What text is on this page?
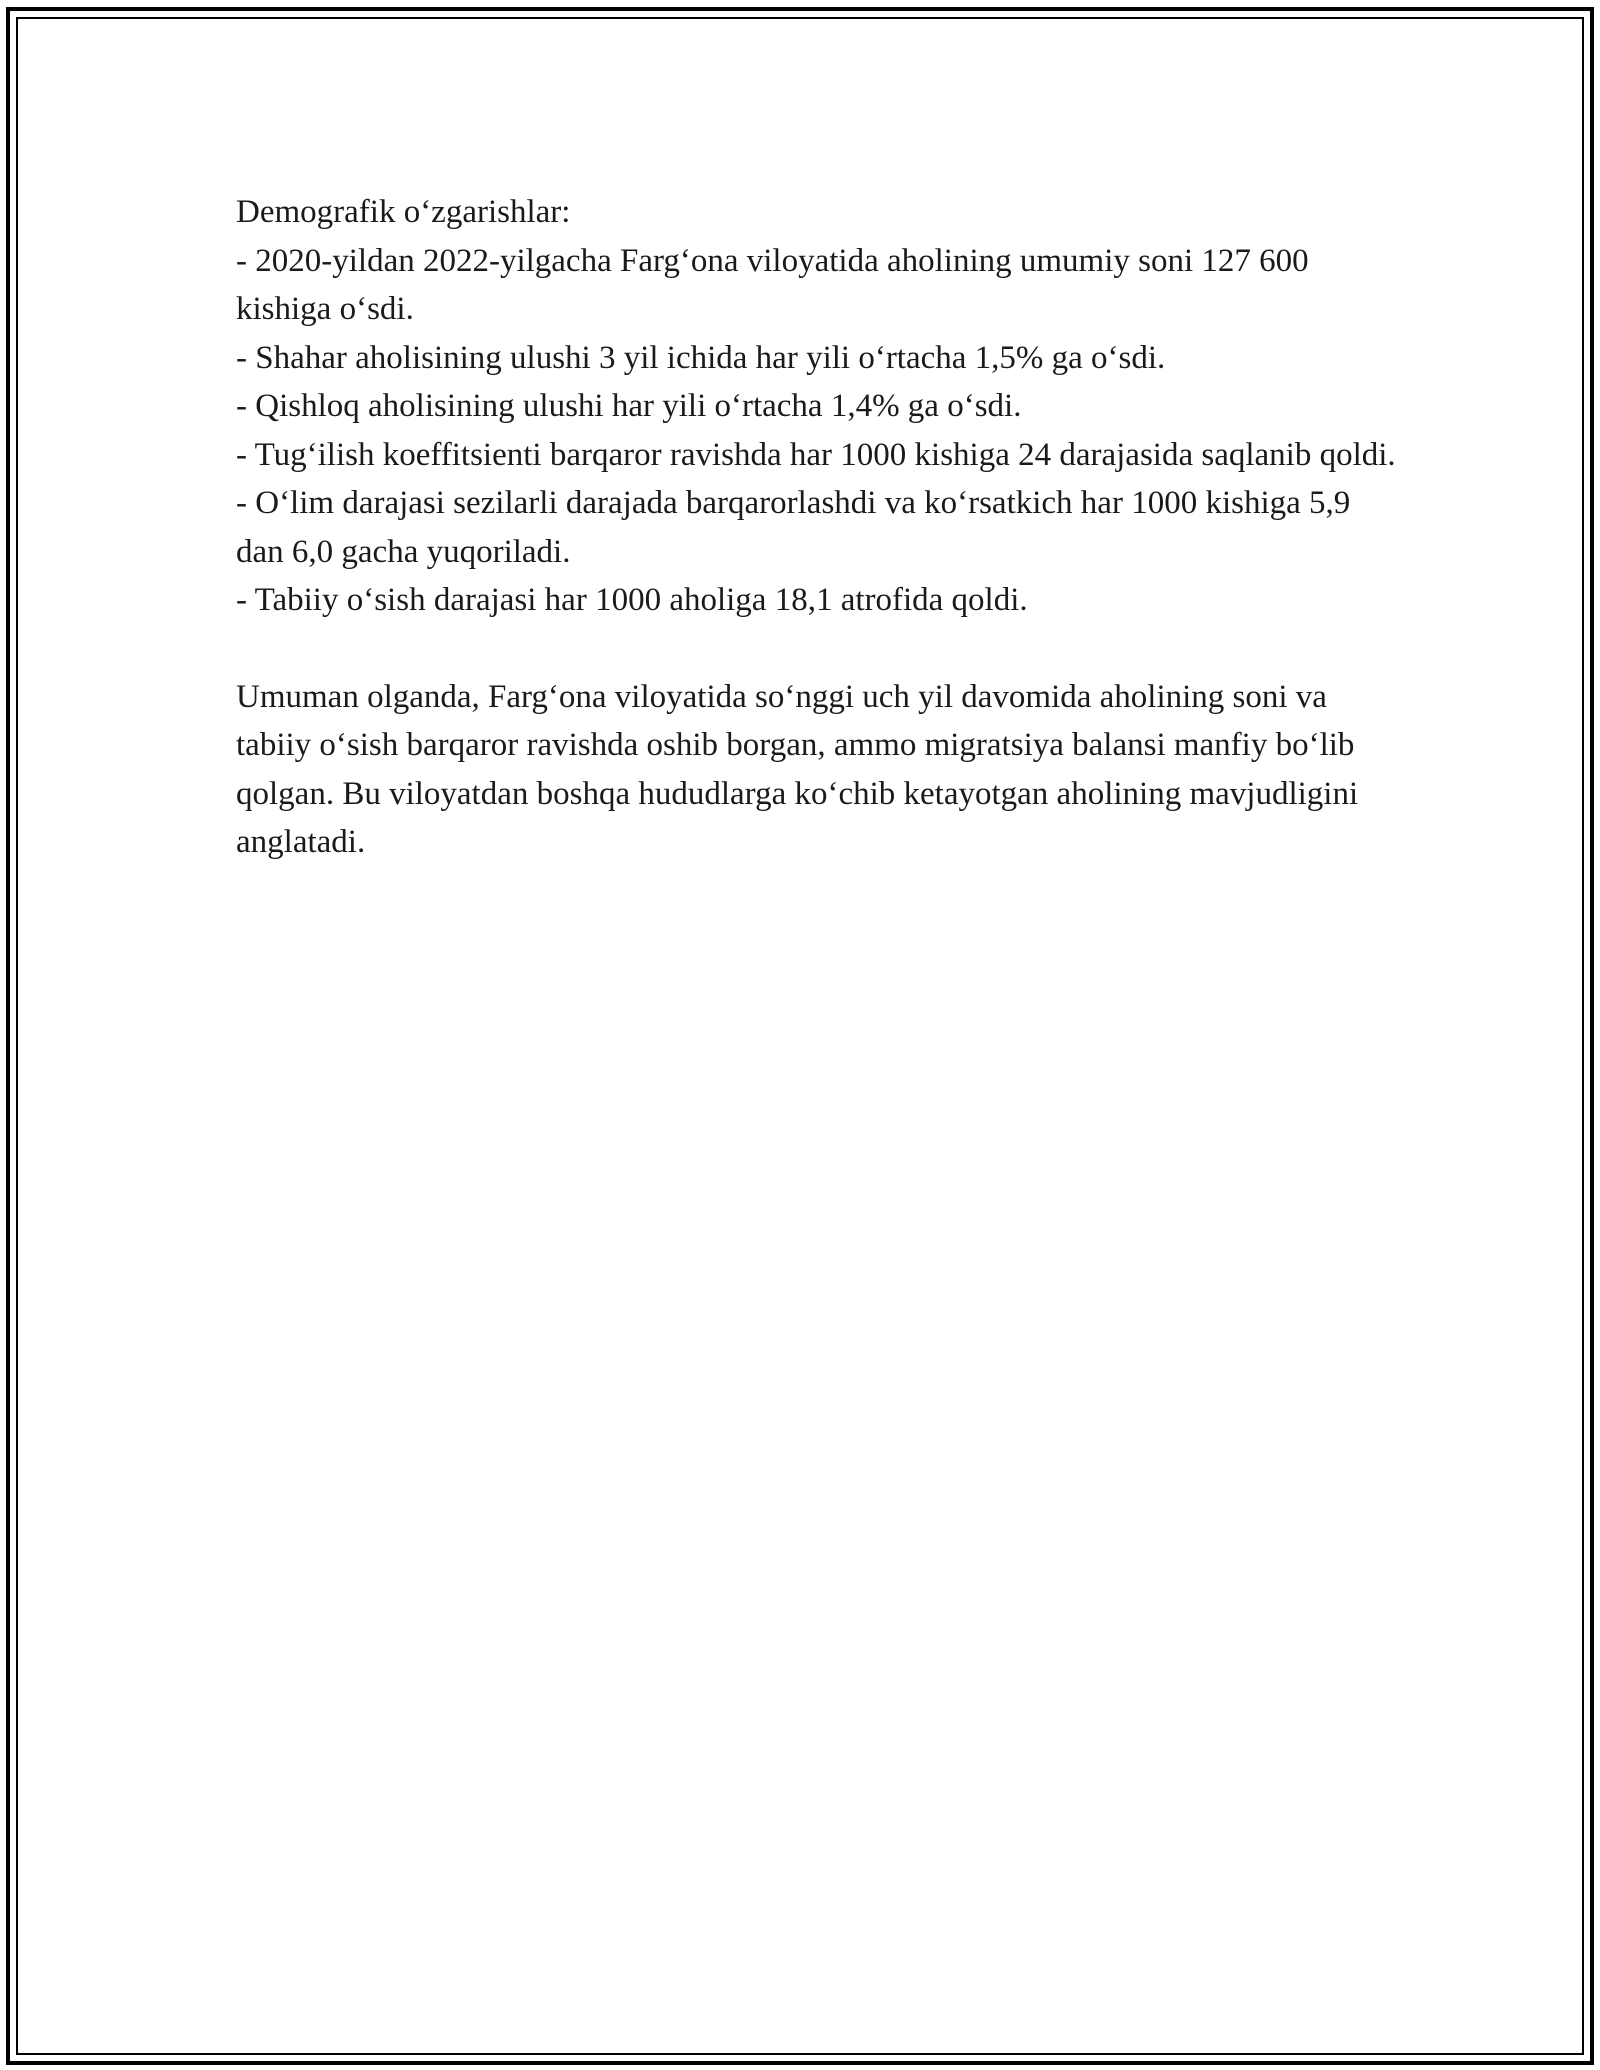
Demografik oʻzgarishlar:
- 2020-yildan 2022-yilgacha Fargʻona viloyatida aholining umumiy soni 127 600 kishiga oʻsdi.
- Shahar aholisining ulushi 3 yil ichida har yili oʻrtacha 1,5% ga oʻsdi.
- Qishloq aholisining ulushi har yili oʻrtacha 1,4% ga oʻsdi.
- Tugʻilish koeffitsienti barqaror ravishda har 1000 kishiga 24 darajasida saqlanib qoldi.
- Oʻlim darajasi sezilarli darajada barqarorlashdi va koʻrsatkich har 1000 kishiga 5,9 dan 6,0 gacha yuqoriladi.
- Tabiiy oʻsish darajasi har 1000 aholiga 18,1 atrofida qoldi.
Umuman olganda, Fargʻona viloyatida soʻnggi uch yil davomida aholining soni va tabiiy oʻsish barqaror ravishda oshib borgan, ammo migratsiya balansi manfiy boʻlib qolgan. Bu viloyatdan boshqa hududlarga koʻchib ketayotgan aholining mavjudligini anglatadi.
